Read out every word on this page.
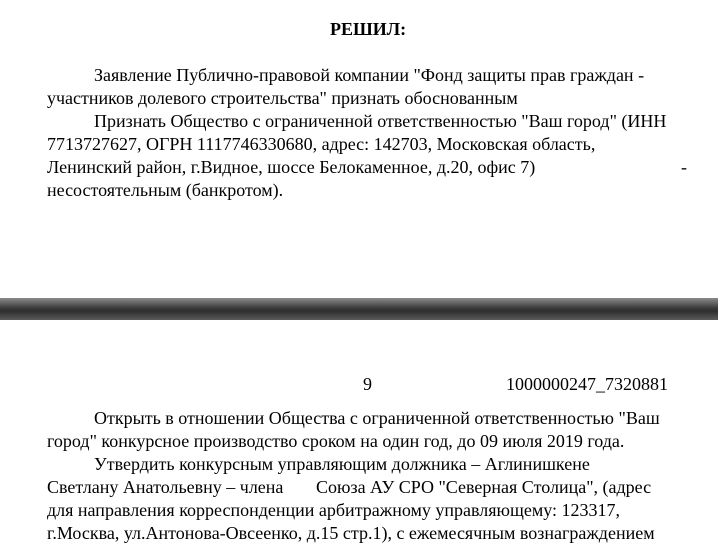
РЕШИЛ:
Заявление Публично-правовой компании "Фонд защиты прав граждан -
участников долевого строительства" признать обоснованным
Признать Общество с ограниченной ответственностью "Ваш город" (ИНН
7713727627, ОГРН 1117746330680, адрес: 142703, Московская область,
Ленинский район, г.Видное, шоссе Белокаменное, д.20, офис 7)	-
несостоятельным (банкротом).
9	1000000247_7320881
Открыть в отношении Общества с ограниченной ответственностью "Ваш
город" конкурсное производство сроком на один год, до 09 июля 2019 года.
Утвердить конкурсным управляющим должника – Аглинишкене
Светлану Анатольевну – члена Союза АУ СРО "Северная Столица", (адрес
для направления корреспонденции арбитражному управляющему: 123317,
г.Москва, ул.Антонова-Овсеенко, д.15 стр.1), с ежемесячным вознаграждением
